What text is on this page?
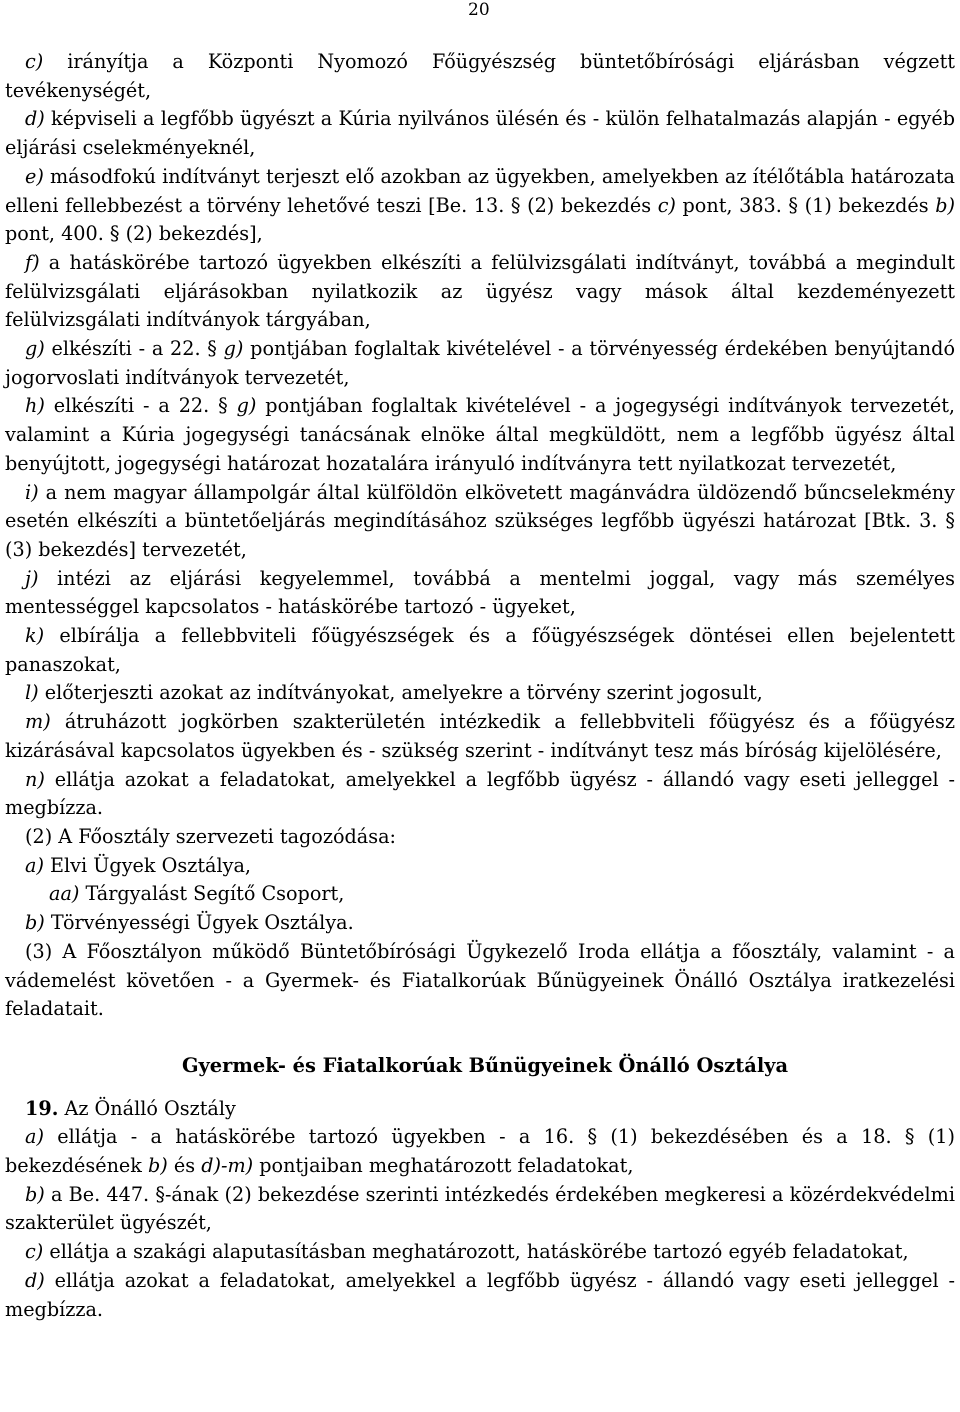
20

c) irányítja a Központi Nyomozó Főügyészség büntetőbírósági eljárásban végzett tevékenységét,

d) képviseli a legfőbb ügyészt a Kúria nyilvános ülésén és - külön felhatalmazás alapján - egyéb eljárási cselekményeknél,

e) másodfokú indítványt terjeszt elő azokban az ügyekben, amelyekben az ítélőtábla határozata elleni fellebbezést a törvény lehetővé teszi [Be. 13. § (2) bekezdés c) pont, 383. § (1) bekezdés b) pont, 400. § (2) bekezdés],

f) a hatáskörébe tartozó ügyekben elkészíti a felülvizsgálati indítványt, továbbá a megindult felülvizsgálati eljárásokban nyilatkozik az ügyész vagy mások által kezdeményezett felülvizsgálati indítványok tárgyában,

g) elkészíti - a 22. § g) pontjában foglaltak kivételével - a törvényesség érdekében benyújtandó jogorvoslati indítványok tervezetét,

h) elkészíti - a 22. § g) pontjában foglaltak kivételével - a jogegységi indítványok tervezetét, valamint a Kúria jogegységi tanácsának elnöke által megküldött, nem a legfőbb ügyész által benyújtott, jogegységi határozat hozatalára irányuló indítványra tett nyilatkozat tervezetét,

i) a nem magyar állampolgár által külföldön elkövetett magánvádra üldözendő bűncselekmény esetén elkészíti a büntetőeljárás megindításához szükséges legfőbb ügyészi határozat [Btk. 3. § (3) bekezdés] tervezetét,

j) intézi az eljárási kegyelemmel, továbbá a mentelmi joggal, vagy más személyes mentességgel kapcsolatos - hatáskörébe tartozó - ügyeket,

k) elbírálja a fellebbviteli főügyészségek és a főügyészségek döntései ellen bejelentett panaszokat,

l) előterjeszti azokat az indítványokat, amelyekre a törvény szerint jogosult,

m) átruházott jogkörben szakterületén intézkedik a fellebbviteli főügyész és a főügyész kizárásával kapcsolatos ügyekben és - szükség szerint - indítványt tesz más bíróság kijelölésére,

n) ellátja azokat a feladatokat, amelyekkel a legfőbb ügyész - állandó vagy eseti jelleggel - megbízza.

(2) A Főosztály szervezeti tagozódása:

a) Elvi Ügyek Osztálya,

aa) Tárgyalást Segítő Csoport,

b) Törvényességi Ügyek Osztálya.

(3) A Főosztályon működő Büntetőbírósági Ügykezelő Iroda ellátja a főosztály, valamint - a vádemelést követően - a Gyermek- és Fiatalkorúak Bűnügyeinek Önálló Osztálya iratkezelési feladatait.

Gyermek- és Fiatalkorúak Bűnügyeinek Önálló Osztálya

19. Az Önálló Osztály

a) ellátja - a hatáskörébe tartozó ügyekben - a 16. § (1) bekezdésében és a 18. § (1) bekezdésének b) és d)-m) pontjaiban meghatározott feladatokat,

b) a Be. 447. §-ának (2) bekezdése szerinti intézkedés érdekében megkeresi a közérdekvédelmi szakterület ügyészét,

c) ellátja a szakági alaputasításban meghatározott, hatáskörébe tartozó egyéb feladatokat,

d) ellátja azokat a feladatokat, amelyekkel a legfőbb ügyész - állandó vagy eseti jelleggel - megbízza.
